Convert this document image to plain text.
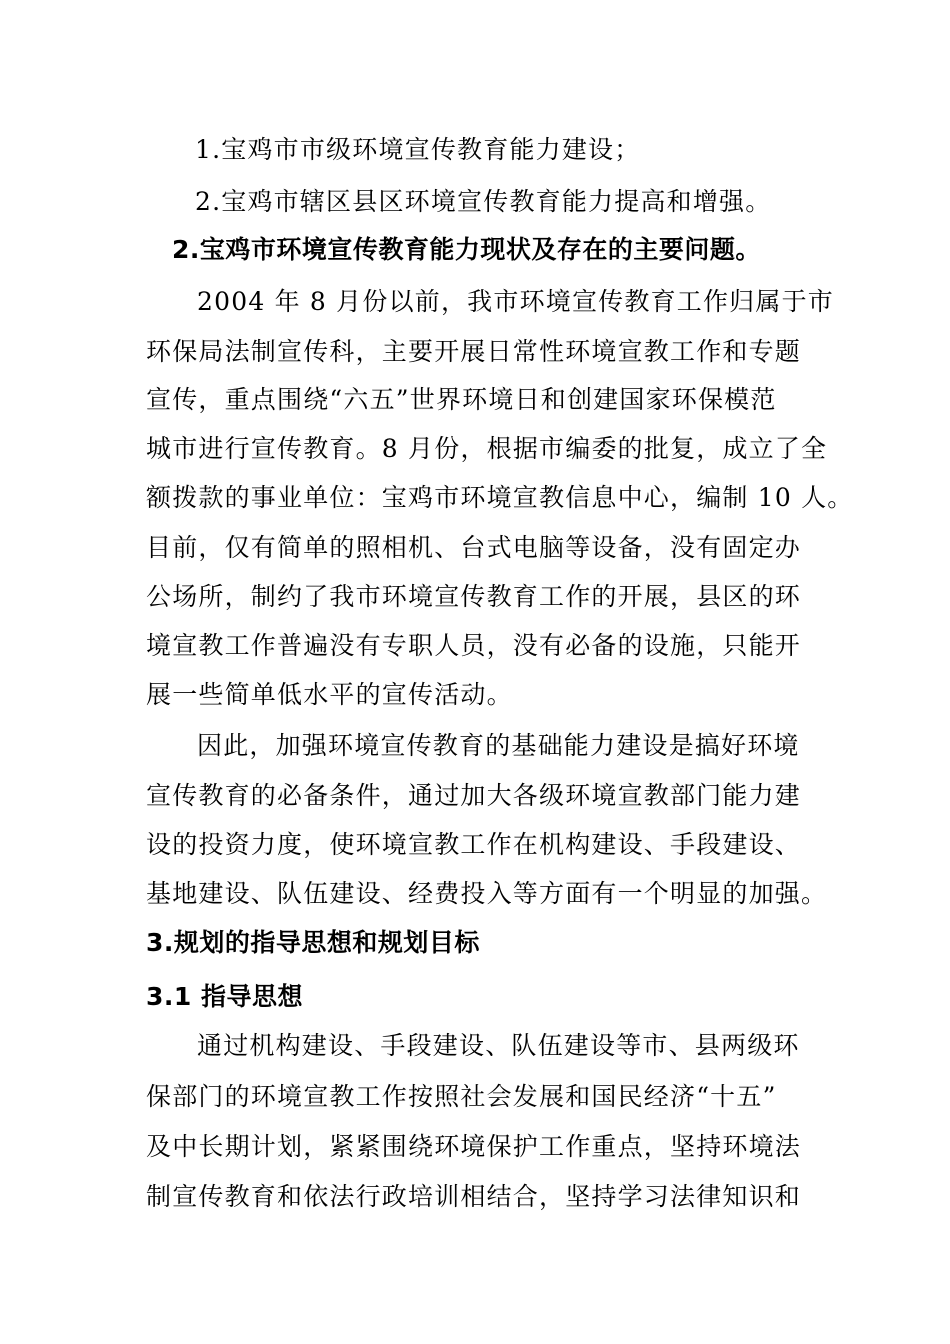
1.宝鸡市市级环境宣传教育能力建设；
2.宝鸡市辖区县区环境宣传教育能力提高和增强。
2.宝鸡市环境宣传教育能力现状及存在的主要问题。
2004 年 8 月份以前，我市环境宣传教育工作归属于市
环保局法制宣传科，主要开展日常性环境宣教工作和专题
宣传，重点围绕“六五”世界环境日和创建国家环保模范
城市进行宣传教育。8 月份，根据市编委的批复，成立了全
额拨款的事业单位：宝鸡市环境宣教信息中心，编制 10 人。
目前，仅有简单的照相机、台式电脑等设备，没有固定办
公场所，制约了我市环境宣传教育工作的开展，县区的环
境宣教工作普遍没有专职人员，没有必备的设施，只能开
展一些简单低水平的宣传活动。
因此，加强环境宣传教育的基础能力建设是搞好环境
宣传教育的必备条件，通过加大各级环境宣教部门能力建
设的投资力度，使环境宣教工作在机构建设、手段建设、
基地建设、队伍建设、经费投入等方面有一个明显的加强。
3.规划的指导思想和规划目标
3.1 指导思想
通过机构建设、手段建设、队伍建设等市、县两级环
保部门的环境宣教工作按照社会发展和国民经济“十五”
及中长期计划，紧紧围绕环境保护工作重点，坚持环境法
制宣传教育和依法行政培训相结合，坚持学习法律知识和
